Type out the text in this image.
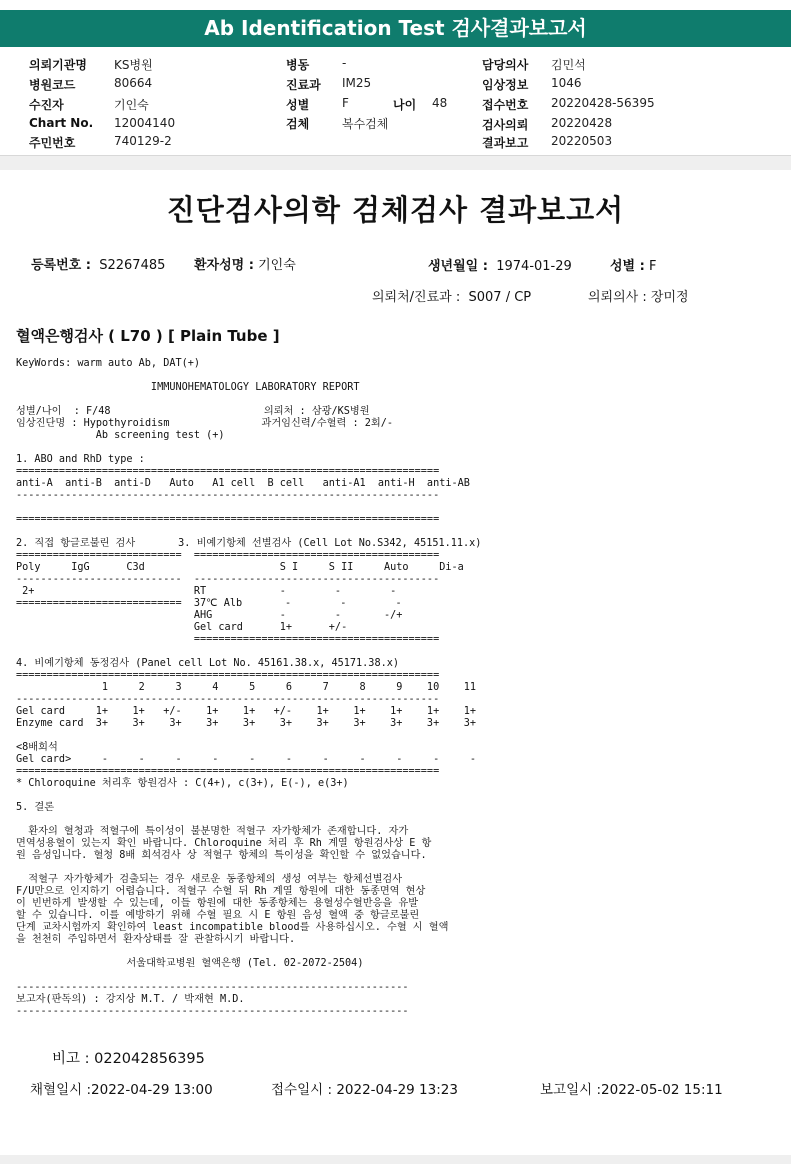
Ab Identification Test 검사결과보고서
의뢰기관명 KS병원
병원코드	80664
수진자	기인숙
Chart No. 12004140
주민번호	740129-2
병동	-
진료과 IM25
성별	F	나이 48
검체	복수검체
담당의사 김민석
임상정보 1046
접수번호 20220428-56395
검사의뢰 20220428
결과보고 20220503
진단검사의학 검체검사 결과보고서
등록번호 : S2267485 환자성명 : 기인숙	생년월일 : 1974-01-29	성별 : F
의뢰처/진료과 : S007 / CP	의뢰의사 : 장미정
혈액은행검사 ( L70 ) [ Plain Tube ]
KeyWords: warm auto Ab, DAT(+)

IMMUNOHEMATOLOGY LABORATORY REPORT

성별/나이  : F/48                         의뢰처 : 삼광/KS병원
임상진단명 : Hypothyroidism               과거임신력/수혈력 : 2회/-
Ab screening test (+)

1. ABO and RhD type :
=====================================================================
anti-A  anti-B  anti-D   Auto   A1 cell  B cell   anti-A1  anti-H  anti-AB
---------------------------------------------------------------------

=====================================================================

2. 직접 항글로불린 검사       3. 비예기항체 선별검사 (Cell Lot No.S342, 45151.11.x)
===========================  ========================================
Poly     IgG      C3d                      S I     S II     Auto     Di-a
---------------------------  ----------------------------------------
2+                          RT            -        -        -
===========================  37℃ Alb       -        -        -
AHG           -        -       -/+
Gel card      1+      +/-
========================================

4. 비예기항체 동정검사 (Panel cell Lot No. 45161.38.x, 45171.38.x)
=====================================================================
1     2     3     4     5     6     7     8     9    10    11
---------------------------------------------------------------------
Gel card     1+    1+   +/-    1+    1+   +/-    1+    1+    1+    1+    1+
Enzyme card  3+    3+    3+    3+    3+    3+    3+    3+    3+    3+    3+

<8배희석
Gel card>     -     -     -     -     -     -     -     -     -     -     -
=====================================================================
* Chloroquine 처리후 항원검사 : C(4+), c(3+), E(-), e(3+)

5. 결론

환자의 혈청과 적혈구에 특이성이 불분명한 적혈구 자가항체가 존재합니다. 자가
면역성용혈이 있는지 확인 바랍니다. Chloroquine 처리 후 Rh 계열 항원검사상 E 항
원 음성입니다. 혈청 8배 희석검사 상 적혈구 항체의 특이성을 확인할 수 없었습니다.

적혈구 자가항체가 검출되는 경우 새로운 동종항체의 생성 여부는 항체선별검사
F/U만으로 인지하기 어렵습니다. 적혈구 수혈 뒤 Rh 계열 항원에 대한 동종면역 현상
이 빈번하게 발생할 수 있는데, 이들 항원에 대한 동종항체는 용혈성수혈반응을 유발
할 수 있습니다. 이를 예방하기 위해 수혈 필요 시 E 항원 음성 혈액 중 항글로불린
단계 교차시험까지 확인하여 least incompatible blood를 사용하십시오. 수혈 시 혈액
을 천천히 주입하면서 환자상태를 잘 관찰하시기 바랍니다.

서울대학교병원 혈액은행 (Tel. 02-2072-2504)

----------------------------------------------------------------
보고자(판독의) : 강지상 M.T. / 박재현 M.D.
----------------------------------------------------------------
비고 : 022042856395
채혈일시 :2022-04-29 13:00	접수일시 : 2022-04-29 13:23	보고일시 :2022-05-02 15:11
